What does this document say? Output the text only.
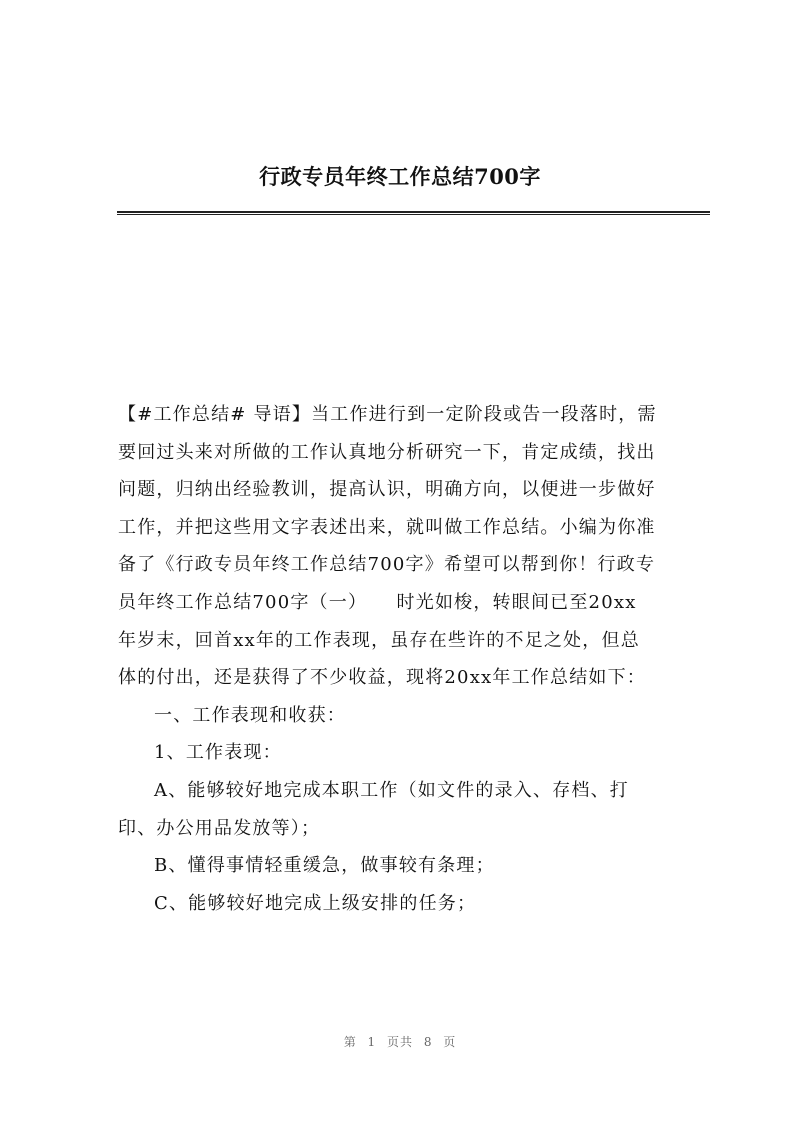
行政专员年终工作总结700字

【#工作总结# 导语】当工作进行到一定阶段或告一段落时，需

要回过头来对所做的工作认真地分析研究一下，肯定成绩，找出

问题，归纳出经验教训，提高认识，明确方向，以便进一步做好

工作，并把这些用文字表述出来，就叫做工作总结。小编为你准

备了《行政专员年终工作总结700字》希望可以帮到你！行政专

员年终工作总结700字（一）　　时光如梭，转眼间已至20xx

年岁末，回首xx年的工作表现，虽存在些许的不足之处，但总

体的付出，还是获得了不少收益，现将20xx年工作总结如下：

一、工作表现和收获：

1、工作表现：

A、能够较好地完成本职工作（如文件的录入、存档、打

印、办公用品发放等）；

B、懂得事情轻重缓急，做事较有条理；

C、能够较好地完成上级安排的任务；

第 1 页共 8 页
